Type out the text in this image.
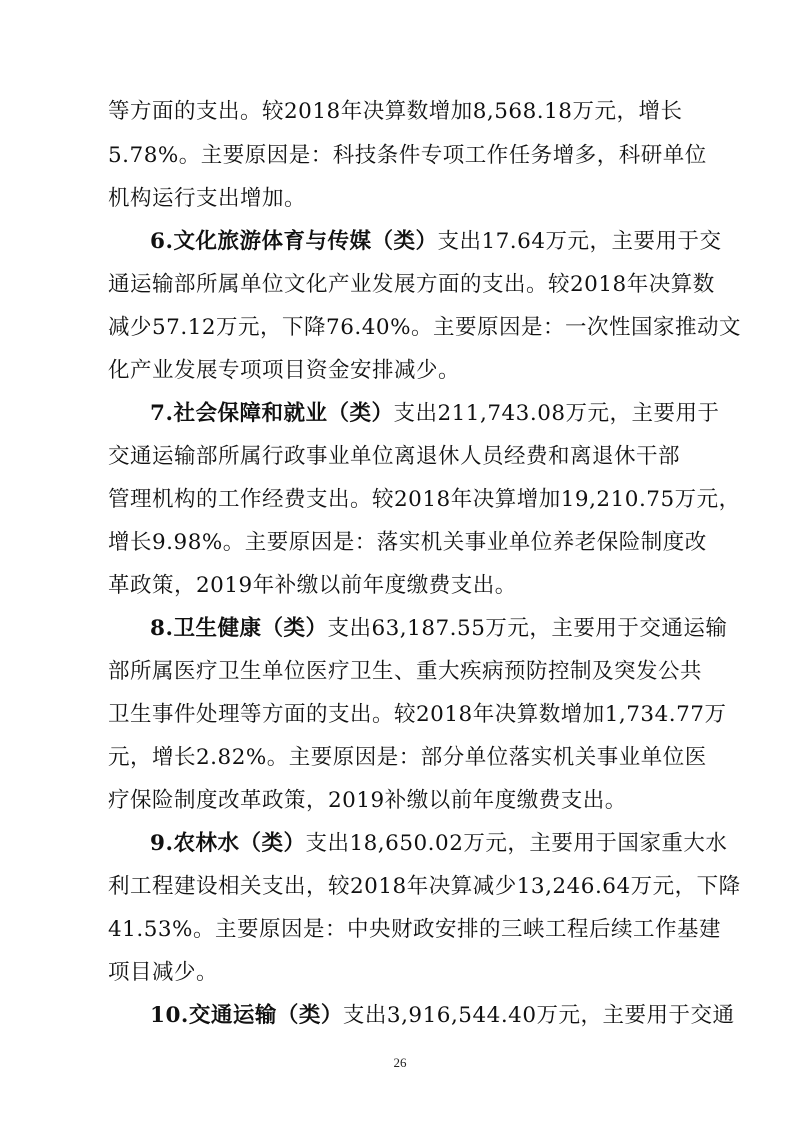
等方面的支出。较2018年决算数增加8,568.18万元，增长
5.78%。主要原因是：科技条件专项工作任务增多，科研单位
机构运行支出增加。
6.文化旅游体育与传媒（类）支出17.64万元，主要用于交
通运输部所属单位文化产业发展方面的支出。较2018年决算数
减少57.12万元，下降76.40%。主要原因是：一次性国家推动文
化产业发展专项项目资金安排减少。
7.社会保障和就业（类）支出211,743.08万元，主要用于
交通运输部所属行政事业单位离退休人员经费和离退休干部
管理机构的工作经费支出。较2018年决算增加19,210.75万元，
增长9.98%。主要原因是：落实机关事业单位养老保险制度改
革政策，2019年补缴以前年度缴费支出。
8.卫生健康（类）支出63,187.55万元，主要用于交通运输
部所属医疗卫生单位医疗卫生、重大疾病预防控制及突发公共
卫生事件处理等方面的支出。较2018年决算数增加1,734.77万
元，增长2.82%。主要原因是：部分单位落实机关事业单位医
疗保险制度改革政策，2019补缴以前年度缴费支出。
9.农林水（类）支出18,650.02万元，主要用于国家重大水
利工程建设相关支出，较2018年决算减少13,246.64万元，下降
41.53%。主要原因是：中央财政安排的三峡工程后续工作基建
项目减少。
10.交通运输（类）支出3,916,544.40万元，主要用于交通
26
